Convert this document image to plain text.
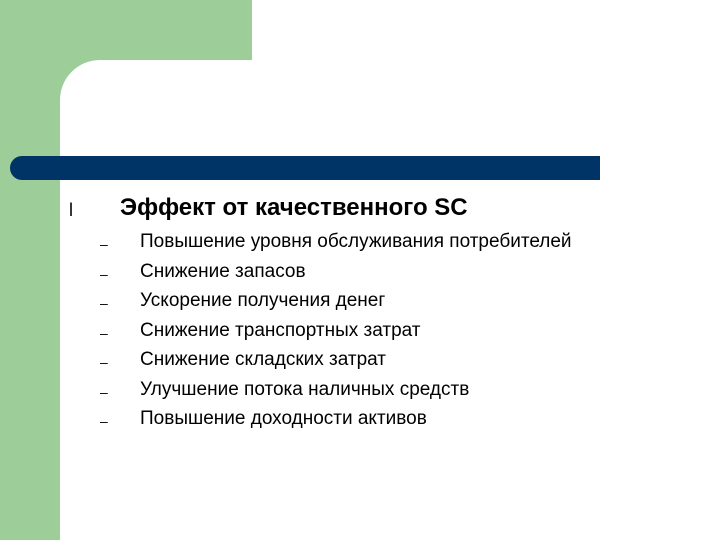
l Эффект от качественного SC
– Повышение уровня обслуживания потребителей
– Снижение запасов
– Ускорение получения денег
– Снижение транспортных затрат
– Снижение складских затрат
– Улучшение потока наличных средств
– Повышение доходности активов
